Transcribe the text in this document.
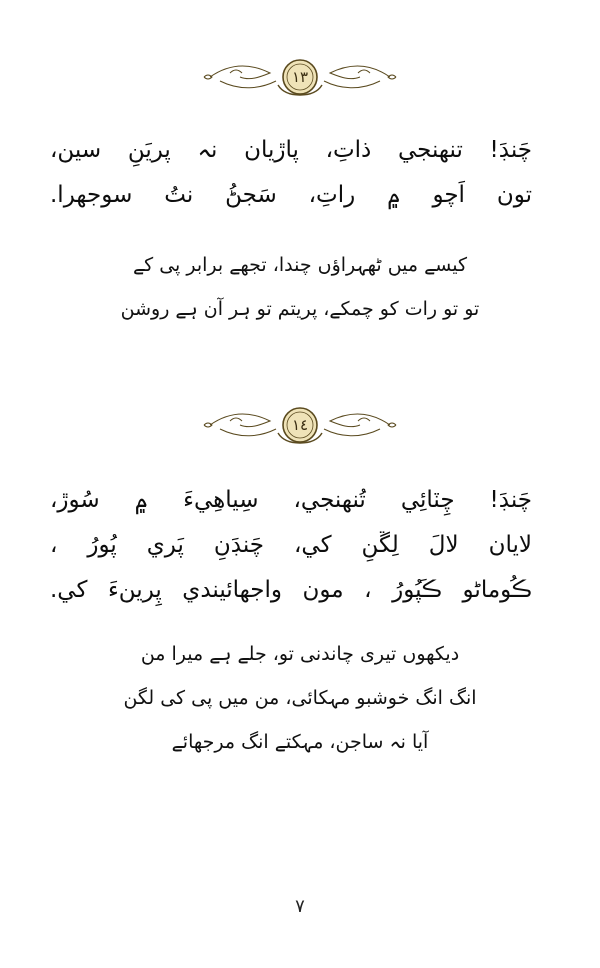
١٣
چَنڊَ! تنهنجي ذاتِ، پاڙيان نہ پريَنِ سين،
تون اَچو ۾ راتِ، سَجڻُ نتُ سوجهرا.
کیسے میں ٹھہراؤں چندا، تجھے برابر پی کے
تو تو رات کو چمکے، پریتم تو ہر آن ہے روشن
١٤
چَنڊَ! چِٽائِي تُنهنجي، سِياهِيءَ ۾ سُوڙ،
لايان لالَ لِڱنِ کي، چَنڊَنِ پَري پُورُ ،
ڪُوماڻو ڪَپُورُ ، مون واجهائيندي پِرينءَ کي.
دیکھوں تیری چاندنی تو، جلے ہے میرا من
انگ انگ خوشبو مہکائی، من میں پی کی لگن
آیا نہ ساجن، مہکتے انگ مرجھائے
٧
